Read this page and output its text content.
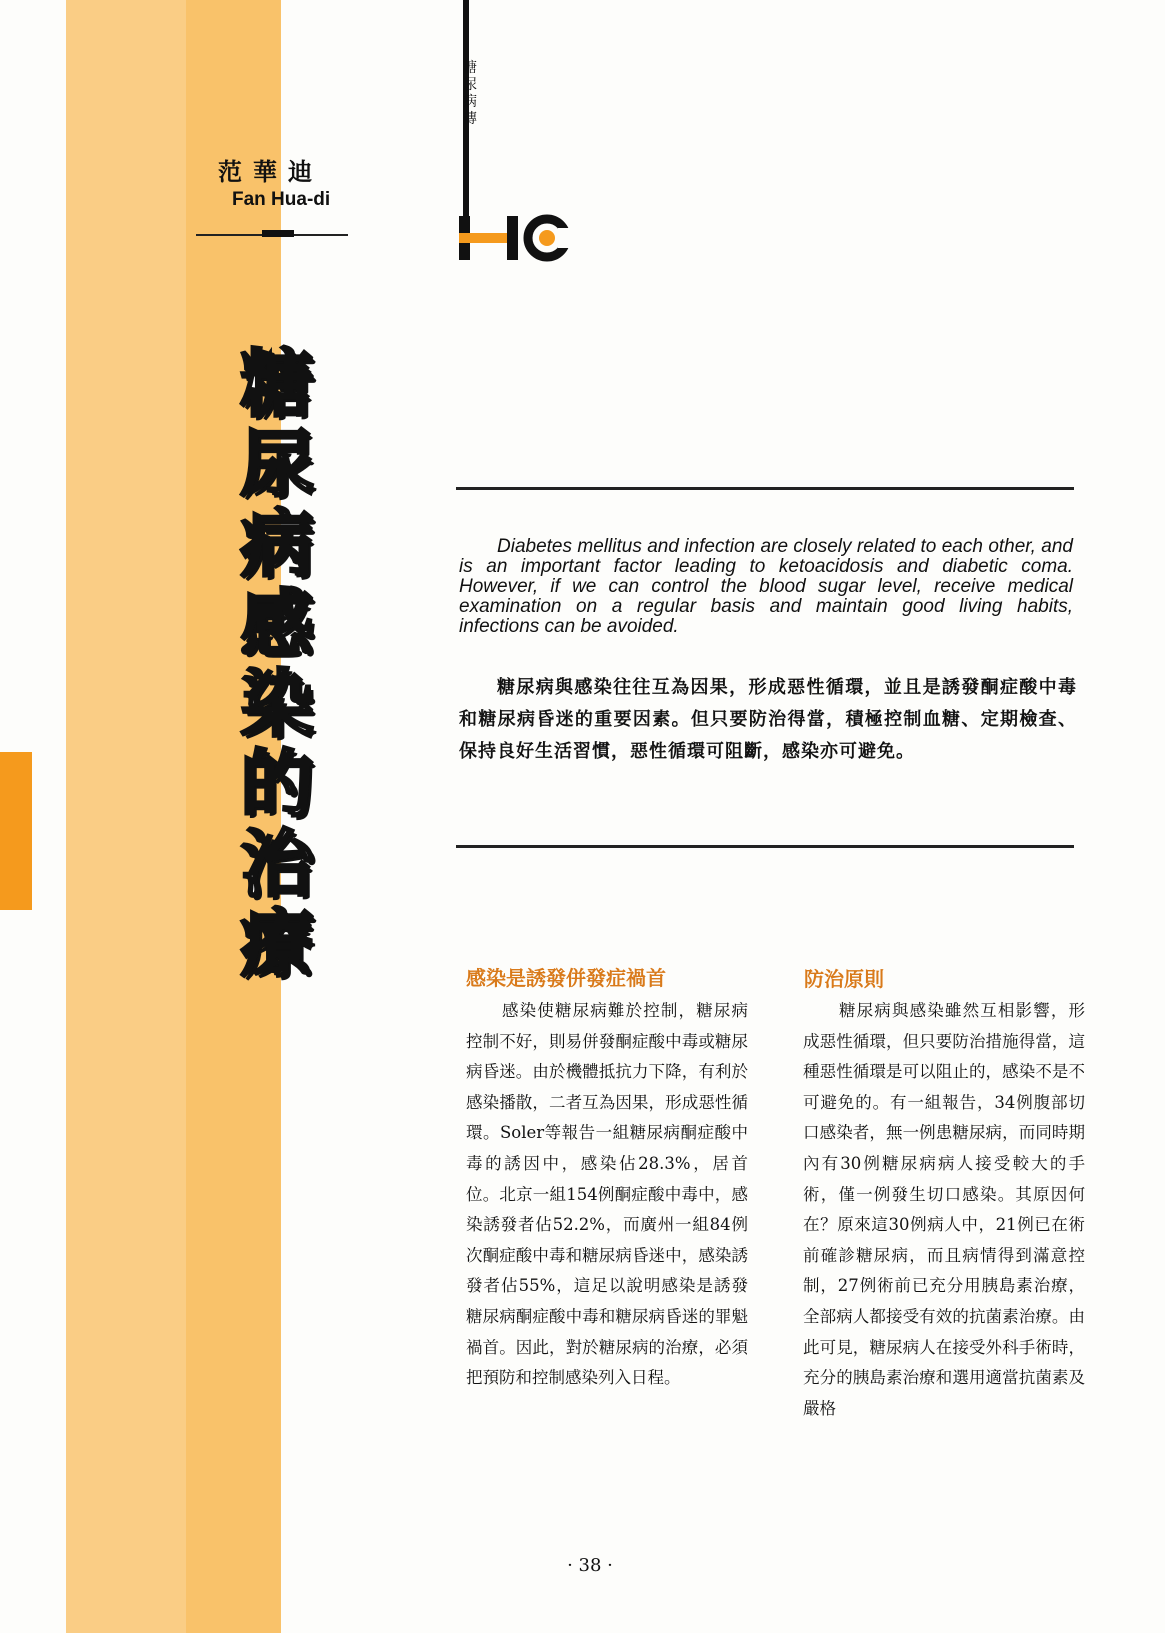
糖
尿
病
傳
范華迪
Fan Hua-di
糖
尿
病
感
染
的
治
療
Diabetes mellitus and infection are closely related to each other, and is an important factor leading to ketoacidosis and diabetic coma. However, if we can control the blood sugar level, receive medical examination on a regular basis and maintain good living habits, infections can be avoided.
糖尿病與感染往往互為因果，形成惡性循環，並且是誘發酮症酸中毒和糖尿病昏迷的重要因素。但只要防治得當，積極控制血糖、定期檢查、保持良好生活習慣，惡性循環可阻斷，感染亦可避免。
感染是誘發併發症禍首
感染使糖尿病難於控制，糖尿病控制不好，則易併發酮症酸中毒或糖尿病昏迷。由於機體抵抗力下降，有利於感染播散，二者互為因果，形成惡性循環。Soler等報告一組糖尿病酮症酸中毒的誘因中，感染佔28.3%，居首位。北京一組154例酮症酸中毒中，感染誘發者佔52.2%，而廣州一組84例次酮症酸中毒和糖尿病昏迷中，感染誘發者佔55%，這足以說明感染是誘發糖尿病酮症酸中毒和糖尿病昏迷的罪魁禍首。因此，對於糖尿病的治療，必須把預防和控制感染列入日程。
防治原則
糖尿病與感染雖然互相影響，形成惡性循環，但只要防治措施得當，這種惡性循環是可以阻止的，感染不是不可避免的。有一組報告，34例腹部切口感染者，無一例患糖尿病，而同時期內有30例糖尿病病人接受較大的手術，僅一例發生切口感染。其原因何在？原來這30例病人中，21例已在術前確診糖尿病，而且病情得到滿意控制，27例術前已充分用胰島素治療，全部病人都接受有效的抗菌素治療。由此可見，糖尿病人在接受外科手術時，充分的胰島素治療和選用適當抗菌素及嚴格
· 38 ·
